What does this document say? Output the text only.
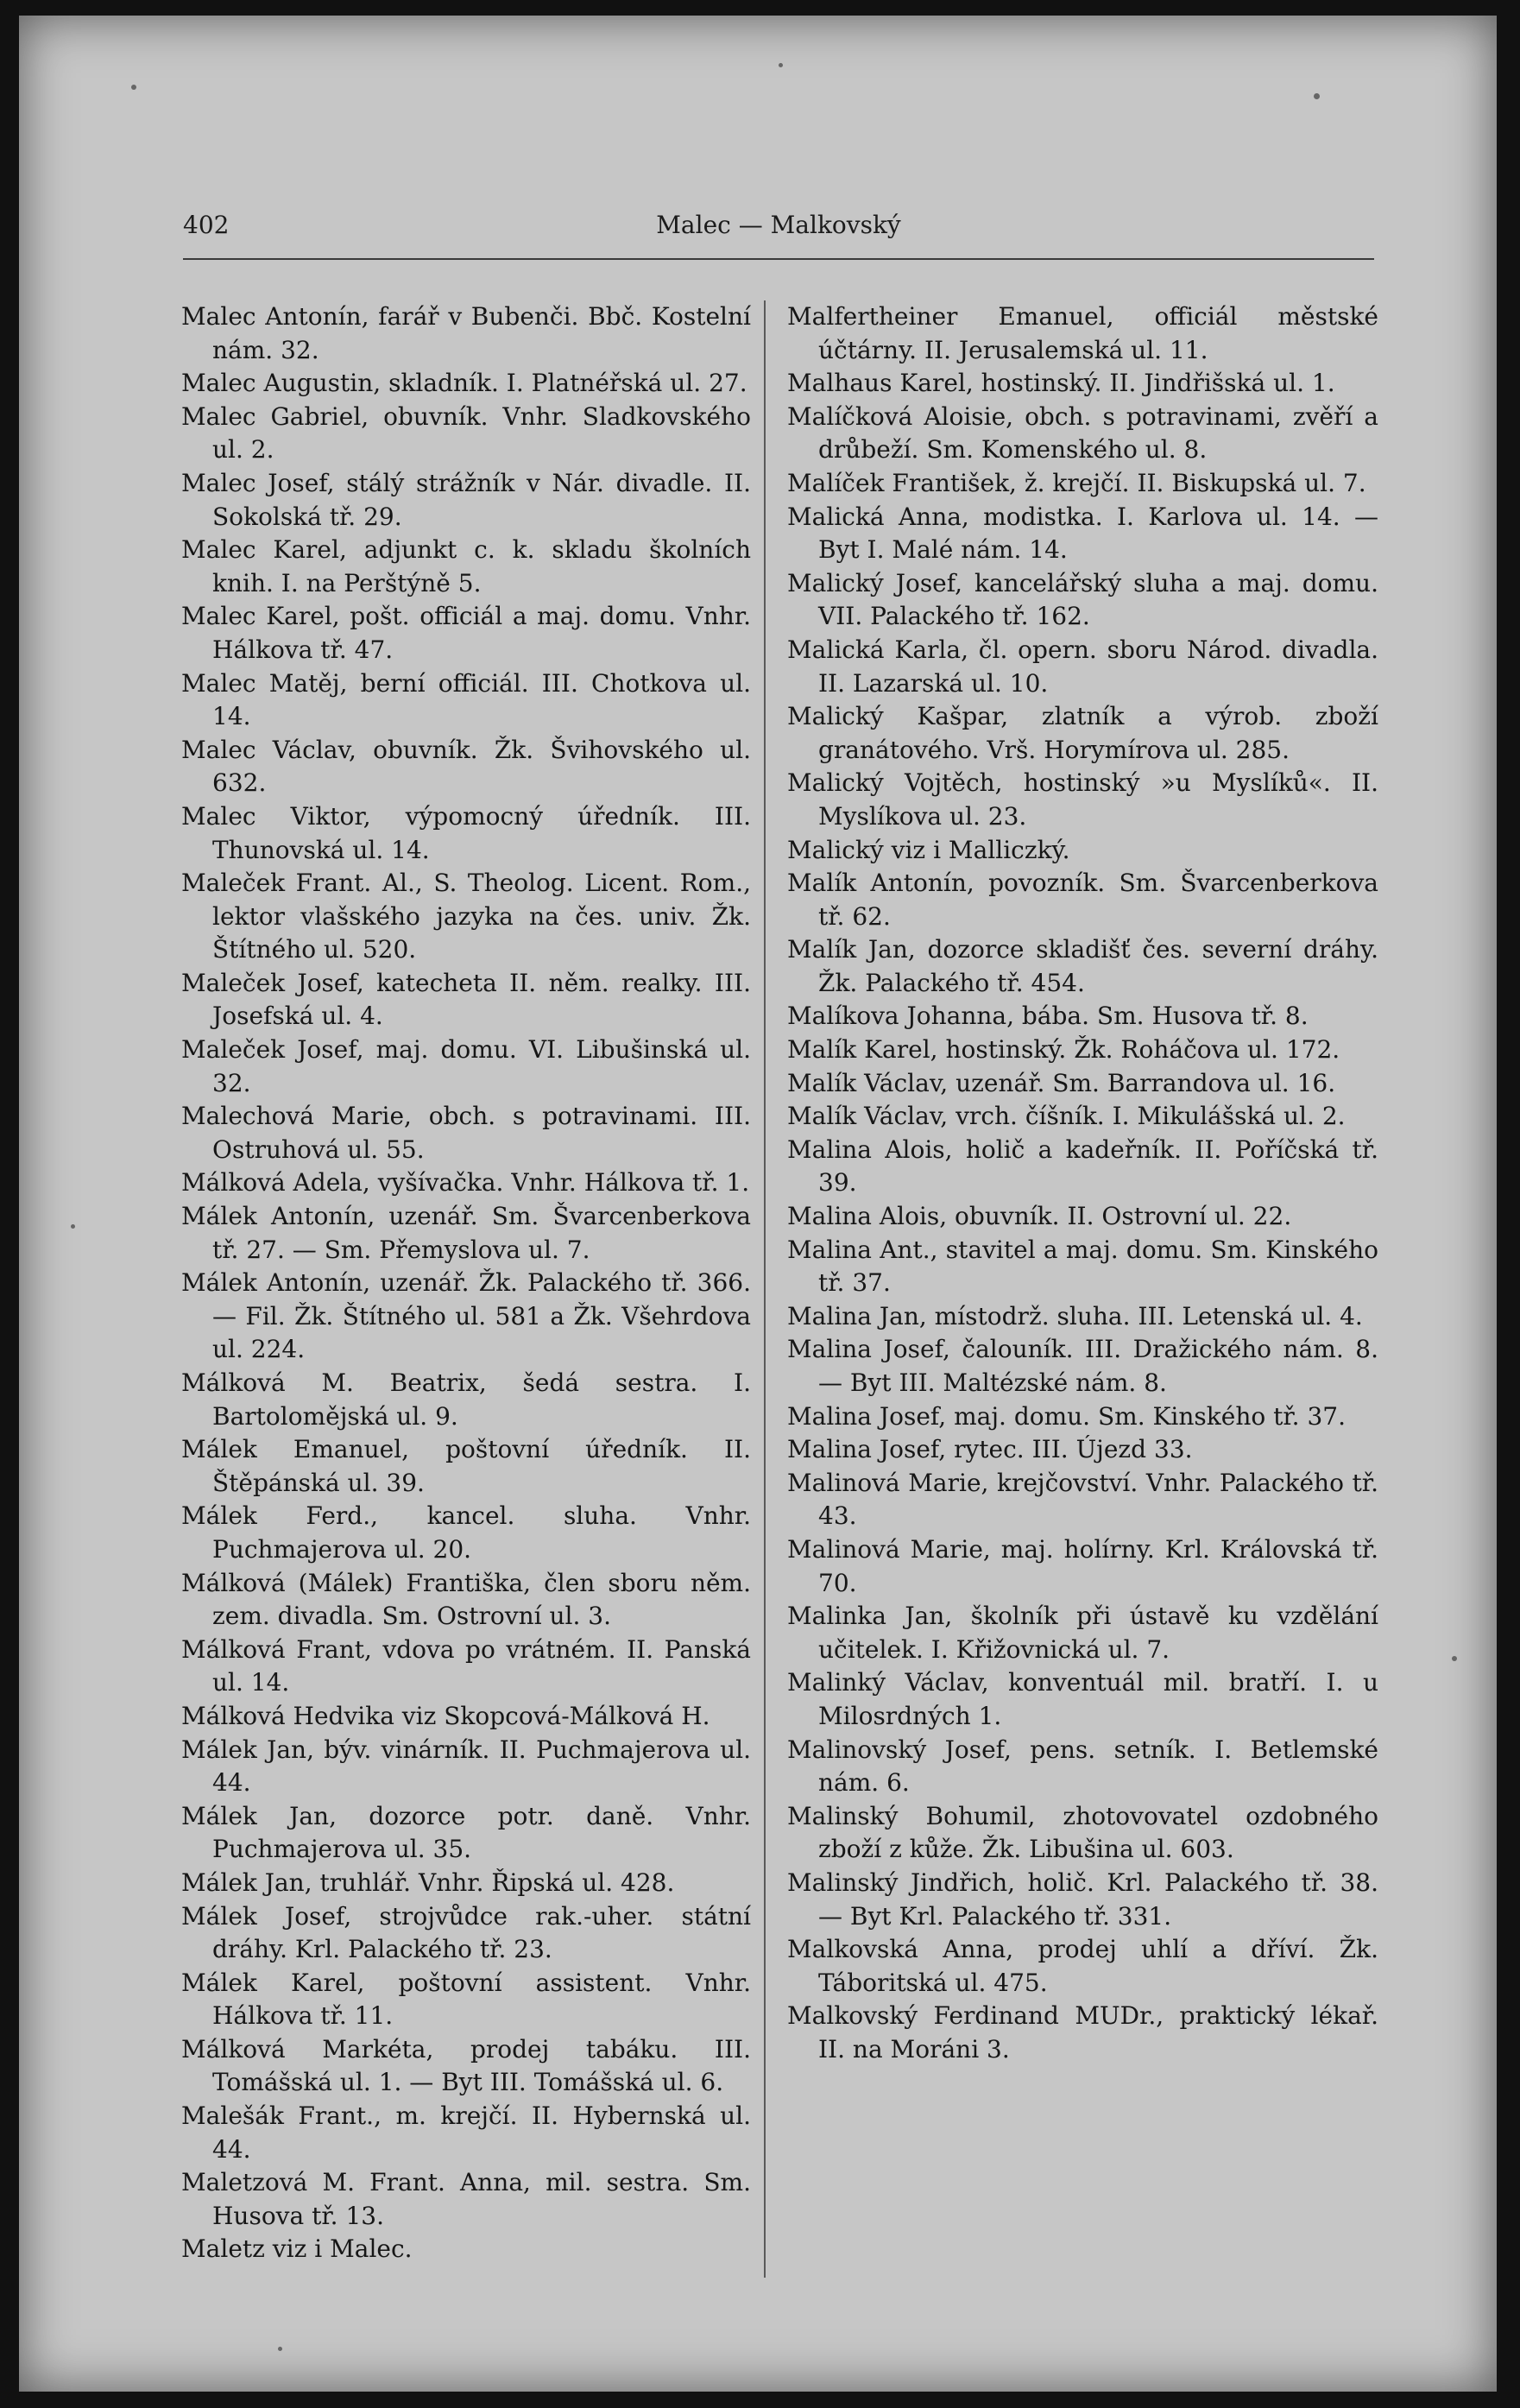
402	Malec — Malkovský

Malec Antonín, farář v Bubenči. Bbč. Kostelní nám. 32.

Malec Augustin, skladník. I. Platnéřská ul. 27.

Malec Gabriel, obuvník. Vnhr. Sladkovského ul. 2.

Malec Josef, stálý strážník v Nár. divadle. II. Sokolská tř. 29.

Malec Karel, adjunkt c. k. skladu školních knih. I. na Perštýně 5.

Malec Karel, pošt. officiál a maj. domu. Vnhr. Hálkova tř. 47.

Malec Matěj, berní officiál. III. Chotkova ul. 14.

Malec Václav, obuvník. Žk. Švihovského ul. 632.

Malec Viktor, výpomocný úředník. III. Thunovská ul. 14.

Maleček Frant. Al., S. Theolog. Licent. Rom., lektor vlašského jazyka na čes. univ. Žk. Štítného ul. 520.

Maleček Josef, katecheta II. něm. realky. III. Josefská ul. 4.

Maleček Josef, maj. domu. VI. Libušinská ul. 32.

Malechová Marie, obch. s potravinami. III. Ostruhová ul. 55.

Málková Adela, vyšívačka. Vnhr. Hálkova tř. 1.

Málek Antonín, uzenář. Sm. Švarcenberkova tř. 27. — Sm. Přemyslova ul. 7.

Málek Antonín, uzenář. Žk. Palackého tř. 366. — Fil. Žk. Štítného ul. 581 a Žk. Všehrdova ul. 224.

Málková M. Beatrix, šedá sestra. I. Bartolomějská ul. 9.

Málek Emanuel, poštovní úředník. II. Štěpánská ul. 39.

Málek Ferd., kancel. sluha. Vnhr. Puchmajerova ul. 20.

Málková (Málek) Františka, člen sboru něm. zem. divadla. Sm. Ostrovní ul. 3.

Málková Frant, vdova po vrátném. II. Panská ul. 14.

Málková Hedvika viz Skopcová-Málková H.

Málek Jan, býv. vinárník. II. Puchmajerova ul. 44.

Málek Jan, dozorce potr. daně. Vnhr. Puchmajerova ul. 35.

Málek Jan, truhlář. Vnhr. Řipská ul. 428.

Málek Josef, strojvůdce rak.-uher. státní dráhy. Krl. Palackého tř. 23.

Málek Karel, poštovní assistent. Vnhr. Hálkova tř. 11.

Málková Markéta, prodej tabáku. III. Tomášská ul. 1. — Byt III. Tomášská ul. 6.

Malešák Frant., m. krejčí. II. Hybernská ul. 44.

Maletzová M. Frant. Anna, mil. sestra. Sm. Husova tř. 13.

Maletz viz i Malec.

Malfertheiner Emanuel, officiál městské účtárny. II. Jerusalemská ul. 11.

Malhaus Karel, hostinský. II. Jindřišská ul. 1.

Malíčková Aloisie, obch. s potravinami, zvěří a drůbeží. Sm. Komenského ul. 8.

Malíček František, ž. krejčí. II. Biskupská ul. 7.

Malická Anna, modistka. I. Karlova ul. 14. — Byt I. Malé nám. 14.

Malický Josef, kancelářský sluha a maj. domu. VII. Palackého tř. 162.

Malická Karla, čl. opern. sboru Národ. divadla. II. Lazarská ul. 10.

Malický Kašpar, zlatník a výrob. zboží granátového. Vrš. Horymírova ul. 285.

Malický Vojtěch, hostinský »u Myslíků«. II. Myslíkova ul. 23.

Malický viz i Malliczký.

Malík Antonín, povozník. Sm. Švarcenberkova tř. 62.

Malík Jan, dozorce skladišť čes. severní dráhy. Žk. Palackého tř. 454.

Malíkova Johanna, bába. Sm. Husova tř. 8.

Malík Karel, hostinský. Žk. Roháčova ul. 172.

Malík Václav, uzenář. Sm. Barrandova ul. 16.

Malík Václav, vrch. číšník. I. Mikulášská ul. 2.

Malina Alois, holič a kadeřník. II. Poříčská tř. 39.

Malina Alois, obuvník. II. Ostrovní ul. 22.

Malina Ant., stavitel a maj. domu. Sm. Kinského tř. 37.

Malina Jan, místodrž. sluha. III. Letenská ul. 4.

Malina Josef, čalouník. III. Dražického nám. 8. — Byt III. Maltézské nám. 8.

Malina Josef, maj. domu. Sm. Kinského tř. 37.

Malina Josef, rytec. III. Újezd 33.

Malinová Marie, krejčovství. Vnhr. Palackého tř. 43.

Malinová Marie, maj. holírny. Krl. Královská tř. 70.

Malinka Jan, školník při ústavě ku vzdělání učitelek. I. Křižovnická ul. 7.

Malinký Václav, konventuál mil. bratří. I. u Milosrdných 1.

Malinovský Josef, pens. setník. I. Betlemské nám. 6.

Malinský Bohumil, zhotovovatel ozdobného zboží z kůže. Žk. Libušina ul. 603.

Malinský Jindřich, holič. Krl. Palackého tř. 38. — Byt Krl. Palackého tř. 331.

Malkovská Anna, prodej uhlí a dříví. Žk. Táboritská ul. 475.

Malkovský Ferdinand MUDr., praktický lékař. II. na Moráni 3.
